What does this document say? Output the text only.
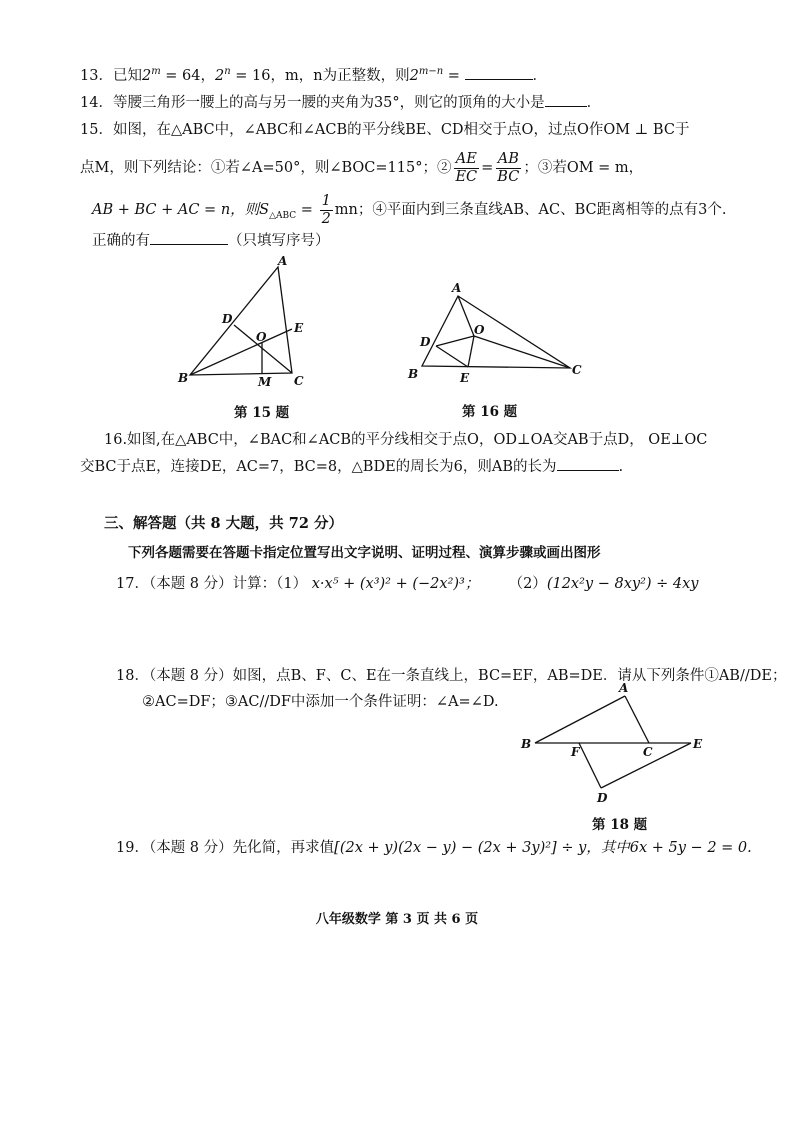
13．已知$2^m = 64$，$2^n = 16$，m，n为正整数，则$2^{m-n}$ =	．
14．等腰三角形一腰上的高与另一腰的夹角为35°，则它的顶角的大小是	．
15．如图，在△ABC中，∠ABC和∠ACB的平分线BE、CD相交于点O，过点O作OM ⊥ BC于
点M，则下列结论：①若∠A=50°，则∠BOC=115°；② $\frac{AE}{EC} = \frac{AB}{BC}$ ；③若OM = m，
AB + BC + AC = n，则$S_{\triangle ABC} = \frac{1}{2}$ mn；④平面内到三条直线AB、AC、BC距离相等的点有3个.
正确的有	（只填写序号）
A
B	C
D
E
O
M
第 15 题
A
B	C
D
E
O
第 16 题
16.如图,在△ABC中，∠BAC和∠ACB的平分线相交于点O，OD⊥OA交AB于点D， OE⊥OC
交BC于点E，连接DE，AC=7，BC=8，△BDE的周长为6，则AB的长为	.
三、解答题（共 8 大题，共 72 分）
下列各题需要在答题卡指定位置写出文字说明、证明过程、演算步骤或画出图形
17．（本题 8 分）计算：（1） x·x⁵ + (x³)² + (−2x²)³； （2）(12x²y − 8xy²) ÷ 4xy
18．（本题 8 分）如图，点B、F、C、E在一条直线上，BC=EF，AB=DE．请从下列条件①AB//DE；
②AC=DF；③AC//DF中添加一个条件证明：∠A=∠D.
A
B
C
D
E
F
第 18 题
19．（本题 8 分）先化简，再求值[(2x + y)(2x − y) − (2x + 3y)²] ÷ y，其中6x + 5y − 2 = 0.
八年级数学 第 3 页 共 6 页
